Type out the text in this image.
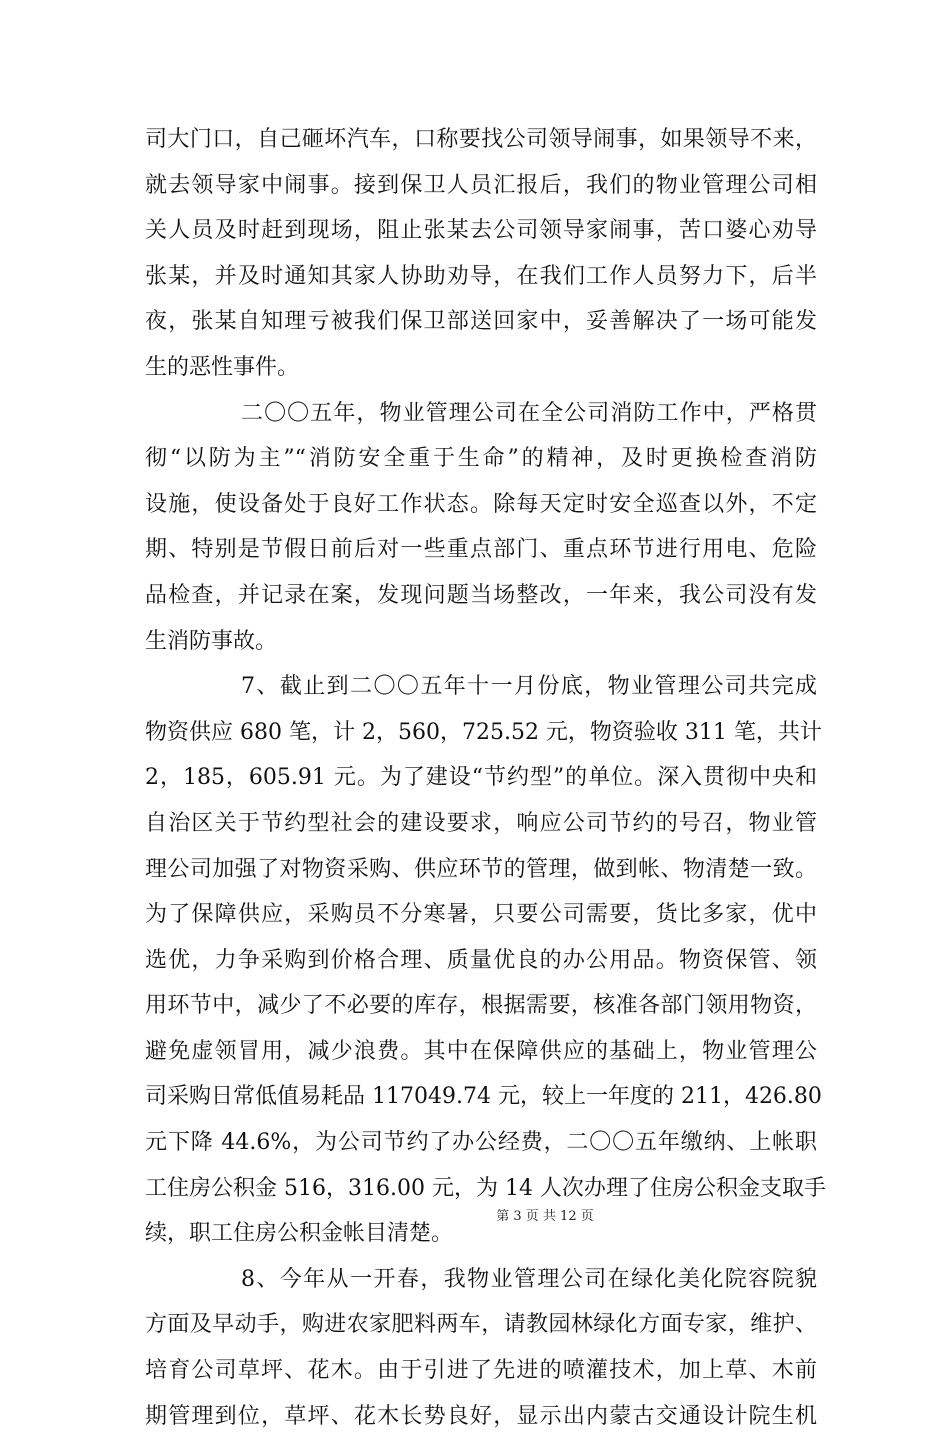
司大门口，自己砸坏汽车，口称要找公司领导闹事，如果领导不来，
就去领导家中闹事。接到保卫人员汇报后，我们的物业管理公司相
关人员及时赶到现场，阻止张某去公司领导家闹事，苦口婆心劝导
张某，并及时通知其家人协助劝导，在我们工作人员努力下，后半
夜，张某自知理亏被我们保卫部送回家中，妥善解决了一场可能发
生的恶性事件。
二〇〇五年，物业管理公司在全公司消防工作中，严格贯
彻“以防为主”“消防安全重于生命”的精神，及时更换检查消防
设施，使设备处于良好工作状态。除每天定时安全巡查以外，不定
期、特别是节假日前后对一些重点部门、重点环节进行用电、危险
品检查，并记录在案，发现问题当场整改，一年来，我公司没有发
生消防事故。
7、截止到二〇〇五年十一月份底，物业管理公司共完成
物资供应 680 笔，计 2，560，725.52 元，物资验收 311 笔，共计
2，185，605.91 元。为了建设“节约型”的单位。深入贯彻中央和
自治区关于节约型社会的建设要求，响应公司节约的号召，物业管
理公司加强了对物资采购、供应环节的管理，做到帐、物清楚一致。
为了保障供应，采购员不分寒暑，只要公司需要，货比多家，优中
选优，力争采购到价格合理、质量优良的办公用品。物资保管、领
用环节中，减少了不必要的库存，根据需要，核准各部门领用物资，
避免虚领冒用，减少浪费。其中在保障供应的基础上，物业管理公
司采购日常低值易耗品 117049.74 元，较上一年度的 211，426.80
元下降 44.6%，为公司节约了办公经费，二〇〇五年缴纳、上帐职
工住房公积金 516，316.00 元，为 14 人次办理了住房公积金支取手
续，职工住房公积金帐目清楚。
8、今年从一开春，我物业管理公司在绿化美化院容院貌
方面及早动手，购进农家肥料两车，请教园林绿化方面专家，维护、
培育公司草坪、花木。由于引进了先进的喷灌技术，加上草、木前
期管理到位，草坪、花木长势良好，显示出内蒙古交通设计院生机
第 3 页 共 12 页
